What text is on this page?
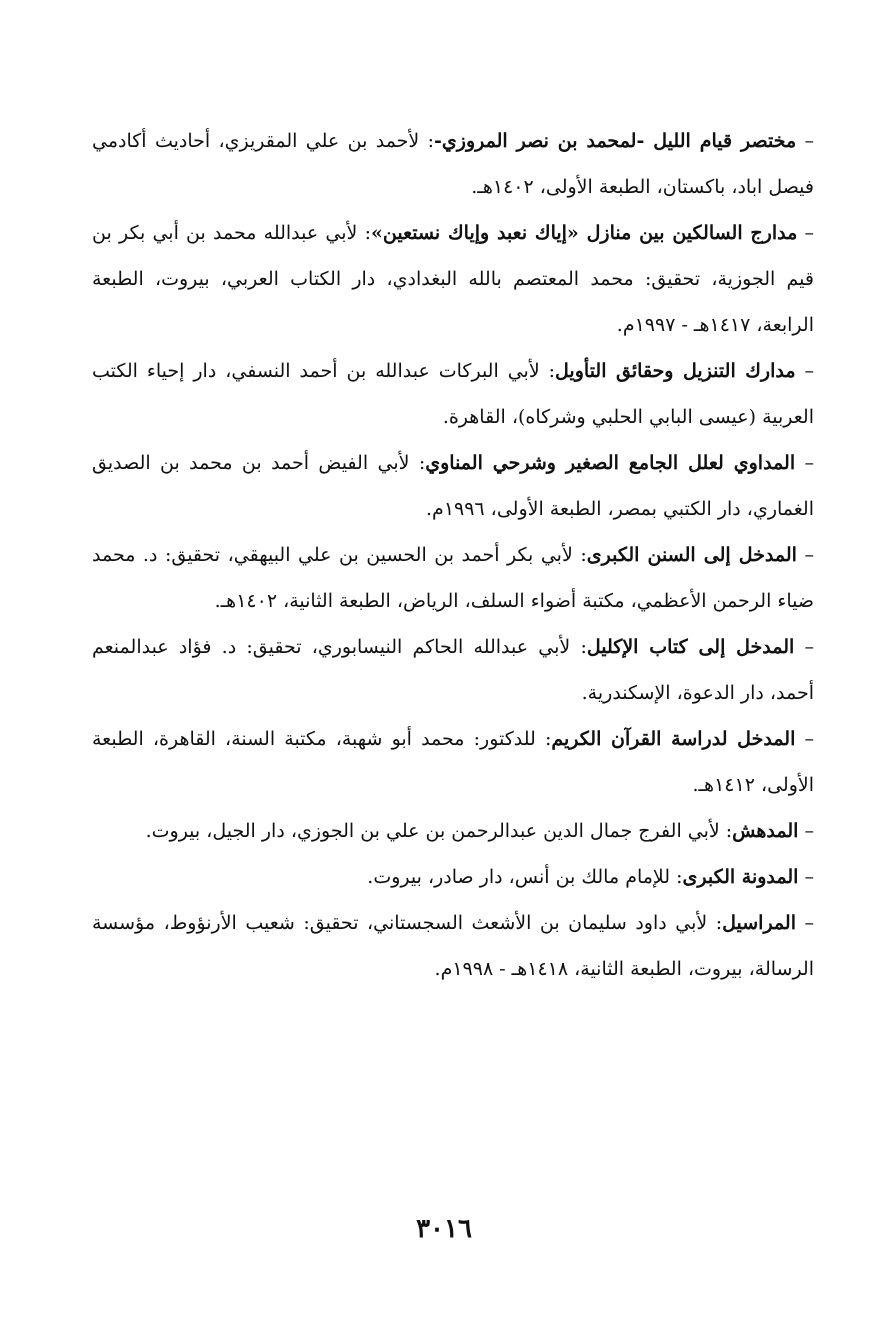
– مختصر قيام الليل -لمحمد بن نصر المروزي-: لأحمد بن علي المقريزي، أحاديث أكادمي فيصل اباد، باكستان، الطبعة الأولى، ١٤٠٢هـ.

– مدارج السالكين بين منازل «إياك نعبد وإياك نستعين»: لأبي عبدالله محمد بن أبي بكر بن قيم الجوزية، تحقيق: محمد المعتصم بالله البغدادي، دار الكتاب العربي، بيروت، الطبعة الرابعة، ١٤١٧هـ - ١٩٩٧م.

– مدارك التنزيل وحقائق التأويل: لأبي البركات عبدالله بن أحمد النسفي، دار إحياء الكتب العربية (عيسى البابي الحلبي وشركاه)، القاهرة.

– المداوي لعلل الجامع الصغير وشرحي المناوي: لأبي الفيض أحمد بن محمد بن الصديق الغماري، دار الكتبي بمصر، الطبعة الأولى، ١٩٩٦م.

– المدخل إلى السنن الكبرى: لأبي بكر أحمد بن الحسين بن علي البيهقي، تحقيق: د. محمد ضياء الرحمن الأعظمي، مكتبة أضواء السلف، الرياض، الطبعة الثانية، ١٤٠٢هـ.

– المدخل إلى كتاب الإكليل: لأبي عبدالله الحاكم النيسابوري، تحقيق: د. فؤاد عبدالمنعم أحمد، دار الدعوة، الإسكندرية.

– المدخل لدراسة القرآن الكريم: للدكتور: محمد أبو شهبة، مكتبة السنة، القاهرة، الطبعة الأولى، ١٤١٢هـ.

– المدهش: لأبي الفرج جمال الدين عبدالرحمن بن علي بن الجوزي، دار الجيل، بيروت.

– المدونة الكبرى: للإمام مالك بن أنس، دار صادر، بيروت.

– المراسيل: لأبي داود سليمان بن الأشعث السجستاني، تحقيق: شعيب الأرنؤوط، مؤسسة الرسالة، بيروت، الطبعة الثانية، ١٤١٨هـ - ١٩٩٨م.

٣٠١٦
